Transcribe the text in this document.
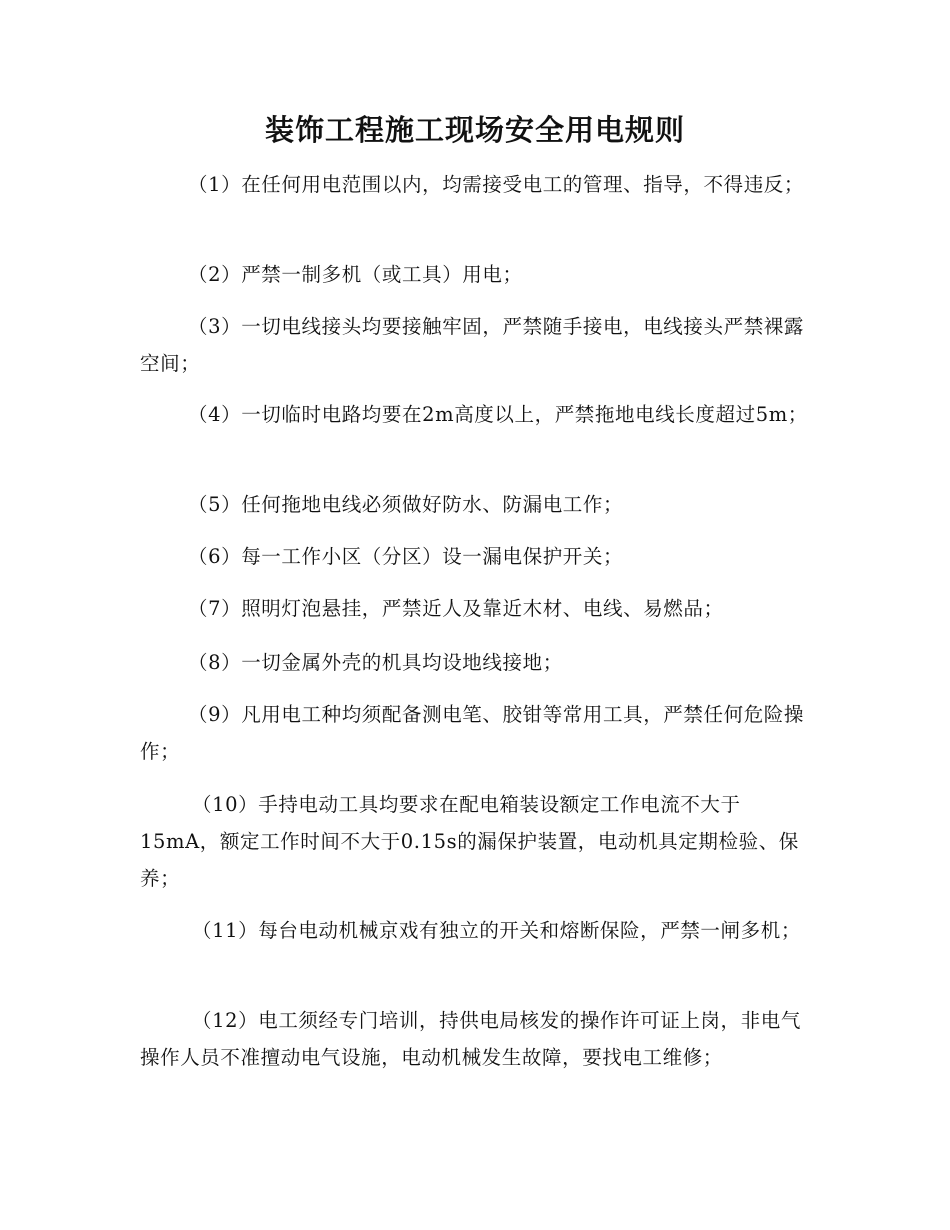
装饰工程施工现场安全用电规则

（1）在任何用电范围以内，均需接受电工的管理、指导，不得违反；

（2）严禁一制多机（或工具）用电；

（3）一切电线接头均要接触牢固，严禁随手接电，电线接头严禁裸露空间；

（4）一切临时电路均要在2m高度以上，严禁拖地电线长度超过5m；

（5）任何拖地电线必须做好防水、防漏电工作；

（6）每一工作小区（分区）设一漏电保护开关；

（7）照明灯泡悬挂，严禁近人及靠近木材、电线、易燃品；

（8）一切金属外壳的机具均设地线接地；

（9）凡用电工种均须配备测电笔、胶钳等常用工具，严禁任何危险操作；

（10）手持电动工具均要求在配电箱装设额定工作电流不大于15mA，额定工作时间不大于0.15s的漏保护装置，电动机具定期检验、保养；

（11）每台电动机械京戏有独立的开关和熔断保险，严禁一闸多机；

（12）电工须经专门培训，持供电局核发的操作许可证上岗，非电气操作人员不准擅动电气设施，电动机械发生故障，要找电工维修；
